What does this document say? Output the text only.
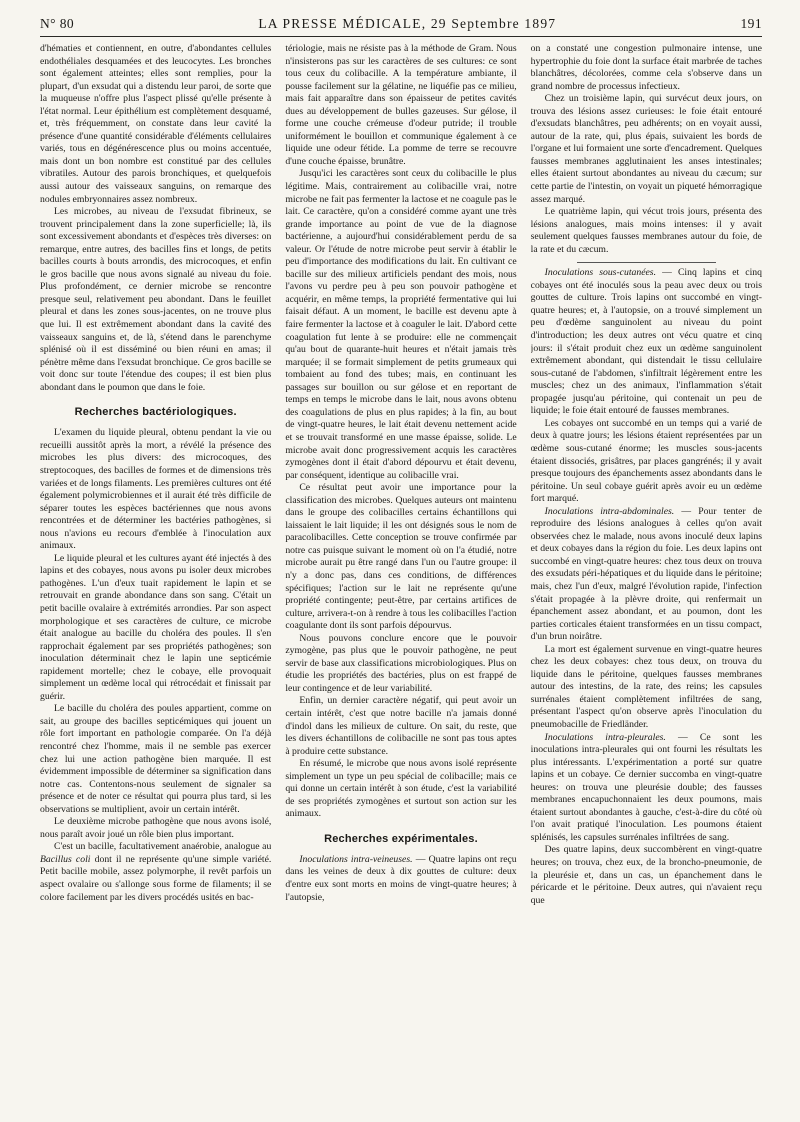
N° 80	LA PRESSE MÉDICALE, 29 Septembre 1897	191

d'hématies et contiennent, en outre, d'abondantes cellules endothéliales desquamées et des leucocytes. Les bronches sont également atteintes; elles sont remplies, pour la plupart, d'un exsudat qui a distendu leur paroi, de sorte que la muqueuse n'offre plus l'aspect plissé qu'elle présente à l'état normal. Leur épithélium est complètement desquamé, et, très fréquemment, on constate dans leur cavité la présence d'une quantité considérable d'éléments cellulaires variés, tous en dégénérescence plus ou moins accentuée, mais dont un bon nombre est constitué par des cellules vibratiles. Autour des parois bronchiques, et quelquefois aussi autour des vaisseaux sanguins, on remarque des nodules embryonnaires assez nombreux.

Les microbes, au niveau de l'exsudat fibrineux, se trouvent principalement dans la zone superficielle; là, ils sont excessivement abondants et d'espèces très diverses: on remarque, entre autres, des bacilles fins et longs, de petits bacilles courts à bouts arrondis, des microcoques, et enfin le gros bacille que nous avons signalé au niveau du foie. Plus profondément, ce dernier microbe se rencontre presque seul, relativement peu abondant. Dans le feuillet pleural et dans les zones sous-jacentes, on ne trouve plus que lui. Il est extrêmement abondant dans la cavité des vaisseaux sanguins et, de là, s'étend dans le parenchyme splénisé où il est disséminé ou bien réuni en amas; il pénètre même dans l'exsudat bronchique. Ce gros bacille se voit donc sur toute l'étendue des coupes; il est bien plus abondant dans le poumon que dans le foie.

Recherches bactériologiques.

L'examen du liquide pleural, obtenu pendant la vie ou recueilli aussitôt après la mort, a révélé la présence des microbes les plus divers: des microcoques, des streptocoques, des bacilles de formes et de dimensions très variées et de longs filaments. Les premières cultures ont été également polymicrobiennes et il aurait été très difficile de séparer toutes les espèces bactériennes que nous avons rencontrées et de déterminer les bactéries pathogènes, si nous n'avions eu recours d'emblée à l'inoculation aux animaux.

Le liquide pleural et les cultures ayant été injectés à des lapins et des cobayes, nous avons pu isoler deux microbes pathogènes. L'un d'eux tuait rapidement le lapin et se retrouvait en grande abondance dans son sang. C'était un petit bacille ovalaire à extrémités arrondies. Par son aspect morphologique et ses caractères de culture, ce microbe était analogue au bacille du choléra des poules. Il s'en rapprochait également par ses propriétés pathogènes; son inoculation déterminait chez le lapin une septicémie rapidement mortelle; chez le cobaye, elle provoquait simplement un œdème local qui rétrocédait et finissait par guérir.

Le bacille du choléra des poules appartient, comme on sait, au groupe des bacilles septicémiques qui jouent un rôle fort important en pathologie comparée. On l'a déjà rencontré chez l'homme, mais il ne semble pas exercer chez lui une action pathogène bien marquée. Il est évidemment impossible de déterminer sa signification dans notre cas. Contentons-nous seulement de signaler sa présence et de noter ce résultat qui pourra plus tard, si les observations se multiplient, avoir un certain intérêt.

Le deuxième microbe pathogène que nous avons isolé, nous paraît avoir joué un rôle bien plus important.

C'est un bacille, facultativement anaérobie, analogue au Bacillus coli dont il ne représente qu'une simple variété. Petit bacille mobile, assez polymorphe, il revêt parfois un aspect ovalaire ou s'allonge sous forme de filaments; il se colore facilement par les divers procédés usités en bac-

tériologie, mais ne résiste pas à la méthode de Gram. Nous n'insisterons pas sur les caractères de ses cultures: ce sont tous ceux du colibacille. A la température ambiante, il pousse facilement sur la gélatine, ne liquéfie pas ce milieu, mais fait apparaître dans son épaisseur de petites cavités dues au développement de bulles gazeuses. Sur gélose, il forme une couche crémeuse d'odeur putride; il trouble uniformément le bouillon et communique également à ce liquide une odeur fétide. La pomme de terre se recouvre d'une couche épaisse, brunâtre.

Jusqu'ici les caractères sont ceux du colibacille le plus légitime. Mais, contrairement au colibacille vrai, notre microbe ne fait pas fermenter la lactose et ne coagule pas le lait. Ce caractère, qu'on a considéré comme ayant une très grande importance au point de vue de la diagnose bactérienne, a aujourd'hui considérablement perdu de sa valeur. Or l'étude de notre microbe peut servir à établir le peu d'importance des modifications du lait. En cultivant ce bacille sur des milieux artificiels pendant des mois, nous l'avons vu perdre peu à peu son pouvoir pathogène et acquérir, en même temps, la propriété fermentative qui lui faisait défaut. A un moment, le bacille est devenu apte à faire fermenter la lactose et à coaguler le lait. D'abord cette coagulation fut lente à se produire: elle ne commençait qu'au bout de quarante-huit heures et n'était jamais très marquée; il se formait simplement de petits grumeaux qui tombaient au fond des tubes; mais, en continuant les passages sur bouillon ou sur gélose et en reportant de temps en temps le microbe dans le lait, nous avons obtenu des coagulations de plus en plus rapides; à la fin, au bout de vingt-quatre heures, le lait était devenu nettement acide et se trouvait transformé en une masse épaisse, solide. Le microbe avait donc progressivement acquis les caractères zymogènes dont il était d'abord dépourvu et était devenu, par conséquent, identique au colibacille vrai.

Ce résultat peut avoir une importance pour la classification des microbes. Quelques auteurs ont maintenu dans le groupe des colibacilles certains échantillons qui laissaient le lait liquide; il les ont désignés sous le nom de paracolibacilles. Cette conception se trouve confirmée par notre cas puisque suivant le moment où on l'a étudié, notre microbe aurait pu être rangé dans l'un ou l'autre groupe: il n'y a donc pas, dans ces conditions, de différences spécifiques; l'action sur le lait ne représente qu'une propriété contingente; peut-être, par certains artifices de culture, arrivera-t-on à rendre à tous les colibacilles l'action coagulante dont ils sont parfois dépourvus.

Nous pouvons conclure encore que le pouvoir zymogène, pas plus que le pouvoir pathogène, ne peut servir de base aux classifications microbiologiques. Plus on étudie les propriétés des bactéries, plus on est frappé de leur contingence et de leur variabilité.

Enfin, un dernier caractère négatif, qui peut avoir un certain intérêt, c'est que notre bacille n'a jamais donné d'indol dans les milieux de culture. On sait, du reste, que les divers échantillons de colibacille ne sont pas tous aptes à produire cette substance.

En résumé, le microbe que nous avons isolé représente simplement un type un peu spécial de colibacille; mais ce qui donne un certain intérêt à son étude, c'est la variabilité de ses propriétés zymogènes et surtout son action sur les animaux.

Recherches expérimentales.

Inoculations intra-veineuses. — Quatre lapins ont reçu dans les veines de deux à dix gouttes de culture: deux d'entre eux sont morts en moins de vingt-quatre heures; à l'autopsie,

on a constaté une congestion pulmonaire intense, une hypertrophie du foie dont la surface était marbrée de taches blanchâtres, décolorées, comme cela s'observe dans un grand nombre de processus infectieux.

Chez un troisième lapin, qui survécut deux jours, on trouva des lésions assez curieuses: le foie était entouré d'exsudats blanchâtres, peu adhérents; on en voyait aussi, autour de la rate, qui, plus épais, suivaient les bords de l'organe et lui formaient une sorte d'encadrement. Quelques fausses membranes agglutinaient les anses intestinales; elles étaient surtout abondantes au niveau du cæcum; sur cette partie de l'intestin, on voyait un piqueté hémorragique assez marqué.

Le quatrième lapin, qui vécut trois jours, présenta des lésions analogues, mais moins intenses: il y avait seulement quelques fausses membranes autour du foie, de la rate et du cæcum.

Inoculations sous-cutanées. — Cinq lapins et cinq cobayes ont été inoculés sous la peau avec deux ou trois gouttes de culture. Trois lapins ont succombé en vingt-quatre heures; et, à l'autopsie, on a trouvé simplement un peu d'œdème sanguinolent au niveau du point d'introduction; les deux autres ont vécu quatre et cinq jours: il s'était produit chez eux un œdème sanguinolent extrêmement abondant, qui distendait le tissu cellulaire sous-cutané de l'abdomen, s'infiltrait légèrement entre les muscles; chez un des animaux, l'inflammation s'était propagée jusqu'au péritoine, qui contenait un peu de liquide; le foie était entouré de fausses membranes.

Les cobayes ont succombé en un temps qui a varié de deux à quatre jours; les lésions étaient représentées par un œdème sous-cutané énorme; les muscles sous-jacents étaient dissociés, grisâtres, par places gangrénés; il y avait presque toujours des épanchements assez abondants dans le péritoine. Un seul cobaye guérit après avoir eu un œdème fort marqué.

Inoculations intra-abdominales. — Pour tenter de reproduire des lésions analogues à celles qu'on avait observées chez le malade, nous avons inoculé deux lapins et deux cobayes dans la région du foie. Les deux lapins ont succombé en vingt-quatre heures: chez tous deux on trouva des exsudats péri-hépatiques et du liquide dans le péritoine; mais, chez l'un d'eux, malgré l'évolution rapide, l'infection s'était propagée à la plèvre droite, qui renfermait un épanchement assez abondant, et au poumon, dont les parties corticales étaient transformées en un tissu compact, d'un brun noirâtre.

La mort est également survenue en vingt-quatre heures chez les deux cobayes: chez tous deux, on trouva du liquide dans le péritoine, quelques fausses membranes autour des intestins, de la rate, des reins; les capsules surrénales étaient complètement infiltrées de sang, présentant l'aspect qu'on observe après l'inoculation du pneumobacille de Friedländer.

Inoculations intra-pleurales. — Ce sont les inoculations intra-pleurales qui ont fourni les résultats les plus intéressants. L'expérimentation a porté sur quatre lapins et un cobaye. Ce dernier succomba en vingt-quatre heures: on trouva une pleurésie double; des fausses membranes encapuchonnaient les deux poumons, mais étaient surtout abondantes à gauche, c'est-à-dire du côté où l'on avait pratiqué l'inoculation. Les poumons étaient splénisés, les capsules surrénales infiltrées de sang.

Des quatre lapins, deux succombèrent en vingt-quatre heures; on trouva, chez eux, de la broncho-pneumonie, de la pleurésie et, dans un cas, un épanchement dans le péricarde et le péritoine. Deux autres, qui n'avaient reçu que
